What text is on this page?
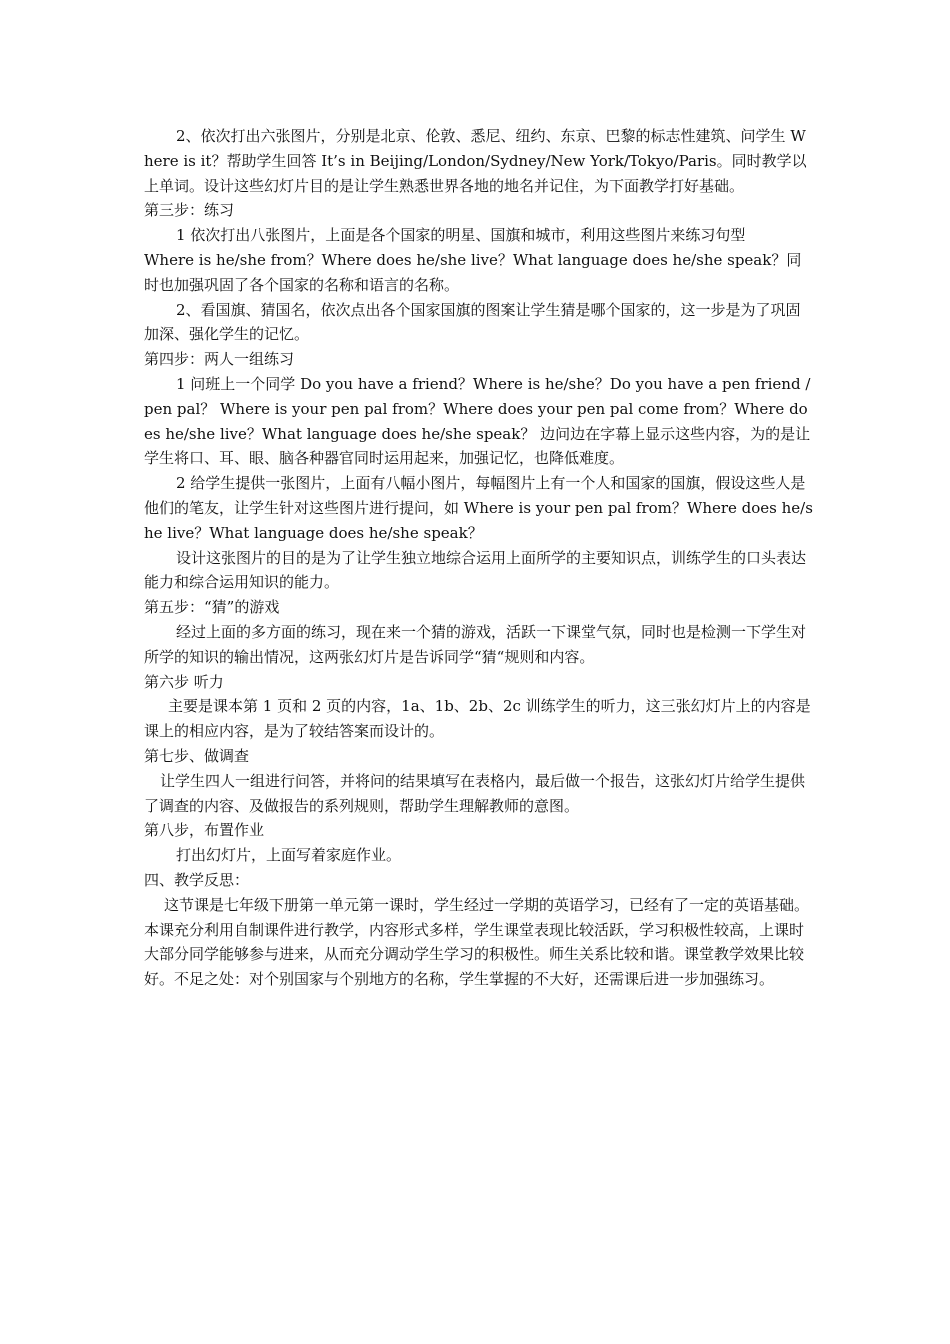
2、依次打出六张图片，分别是北京、伦敦、悉尼、纽约、东京、巴黎的标志性建筑、问学生 Where is it？帮助学生回答 It’s in Beijing/London/Sydney/New York/Tokyo/Paris。同时教学以上单词。设计这些幻灯片目的是让学生熟悉世界各地的地名并记住，为下面教学打好基础。

第三步：练习

1 依次打出八张图片，上面是各个国家的明星、国旗和城市，利用这些图片来练习句型

Where is he/she from？Where does he/she live？What language does he/she speak？同时也加强巩固了各个国家的名称和语言的名称。

2、看国旗、猜国名，依次点出各个国家国旗的图案让学生猜是哪个国家的，这一步是为了巩固加深、强化学生的记忆。

第四步：两人一组练习

1 问班上一个同学 Do you have a friend？Where is he/she？Do you have a pen friend /pen pal？ Where is your pen pal from？Where does your pen pal come from？Where does he/she live？What language does he/she speak？ 边问边在字幕上显示这些内容，为的是让学生将口、耳、眼、脑各种器官同时运用起来，加强记忆，也降低难度。

2 给学生提供一张图片，上面有八幅小图片，每幅图片上有一个人和国家的国旗，假设这些人是他们的笔友，让学生针对这些图片进行提问，如 Where is your pen pal from？Where does he/she live？What language does he/she speak？

设计这张图片的目的是为了让学生独立地综合运用上面所学的主要知识点，训练学生的口头表达能力和综合运用知识的能力。

第五步：“猜”的游戏

经过上面的多方面的练习，现在来一个猜的游戏，活跃一下课堂气氛，同时也是检测一下学生对所学的知识的输出情况，这两张幻灯片是告诉同学“猜“规则和内容。

第六步 听力

主要是课本第 1 页和 2 页的内容，1a、1b、2b、2c 训练学生的听力，这三张幻灯片上的内容是课上的相应内容，是为了较结答案而设计的。

第七步、做调查

让学生四人一组进行问答，并将问的结果填写在表格内，最后做一个报告，这张幻灯片给学生提供了调查的内容、及做报告的系列规则，帮助学生理解教师的意图。

第八步，布置作业

打出幻灯片，上面写着家庭作业。

四、教学反思：

这节课是七年级下册第一单元第一课时，学生经过一学期的英语学习，已经有了一定的英语基础。本课充分利用自制课件进行教学，内容形式多样，学生课堂表现比较活跃，学习积极性较高，上课时大部分同学能够参与进来，从而充分调动学生学习的积极性。师生关系比较和谐。课堂教学效果比较好。不足之处：对个别国家与个别地方的名称，学生掌握的不大好，还需课后进一步加强练习。
